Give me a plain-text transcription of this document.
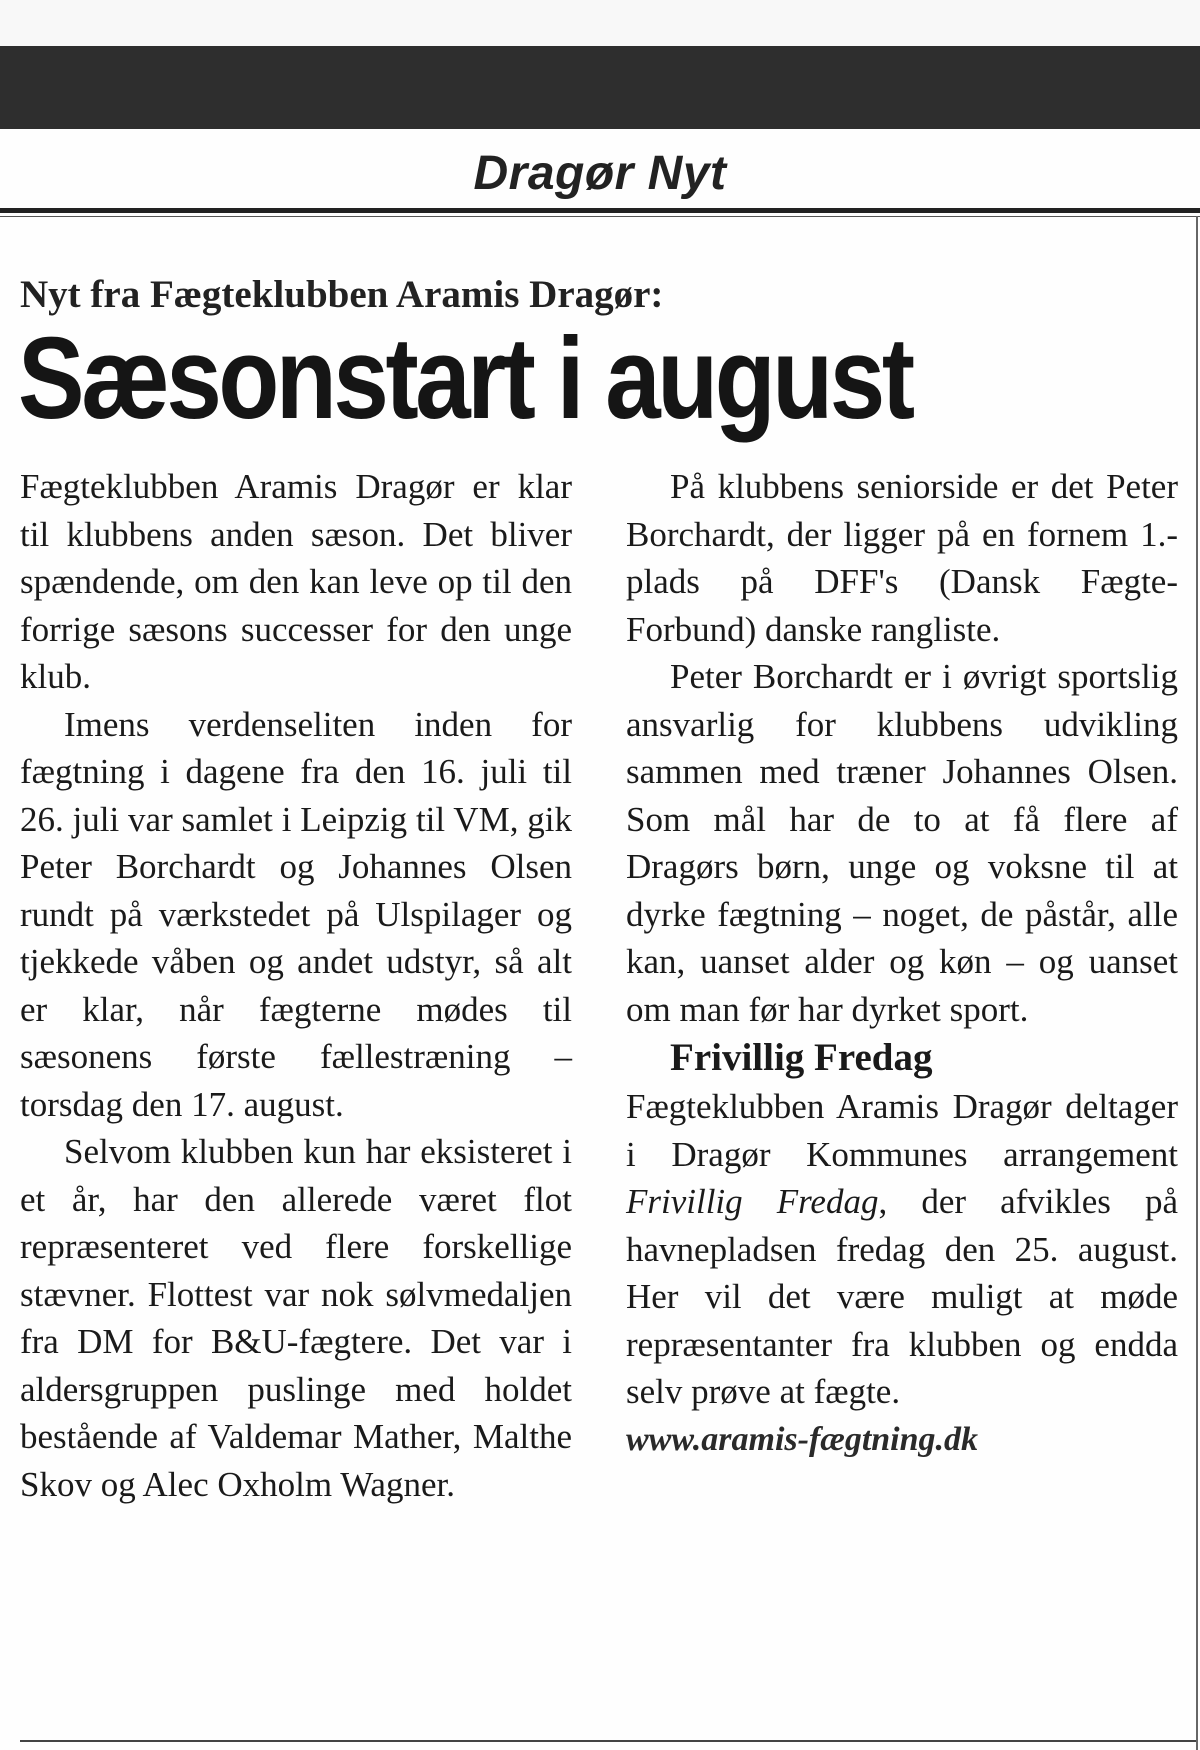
Dragør Nyt
Nyt fra Fægteklubben Aramis Dragør:
Sæsonstart i august

Fægteklubben Aramis Dragør er klar til klubbens anden sæson. Det bliver spændende, om den kan leve op til den forrige sæsons successer for den unge klub.

Imens verdenseliten inden for fægtning i dagene fra den 16. juli til 26. juli var samlet i Leipzig til VM, gik Peter Borchardt og Johannes Olsen rundt på værkstedet på Ulspilager og tjekkede våben og andet udstyr, så alt er klar, når fægterne mødes til sæsonens første fællestræning – torsdag den 17. august.

Selvom klubben kun har eksisteret i et år, har den allerede været flot repræsenteret ved flere forskellige stævner. Flottest var nok sølvmedaljen fra DM for B&U-fægtere. Det var i aldersgruppen puslinge med holdet bestående af Valdemar Mather, Malthe Skov og Alec Oxholm Wagner.

På klubbens seniorside er det Peter Borchardt, der ligger på en fornem 1.-plads på DFF's (Dansk Fægte-Forbund) danske rangliste.

Peter Borchardt er i øvrigt sportslig ansvarlig for klubbens udvikling sammen med træner Johannes Olsen. Som mål har de to at få flere af Dragørs børn, unge og voksne til at dyrke fægtning – noget, de påstår, alle kan, uanset alder og køn – og uanset om man før har dyrket sport.

Frivillig Fredag

Fægteklubben Aramis Dragør deltager i Dragør Kommunes arrangement Frivillig Fredag, der afvikles på havnepladsen fredag den 25. august. Her vil det være muligt at møde repræsentanter fra klubben og endda selv prøve at fægte.

www.aramis-fægtning.dk
